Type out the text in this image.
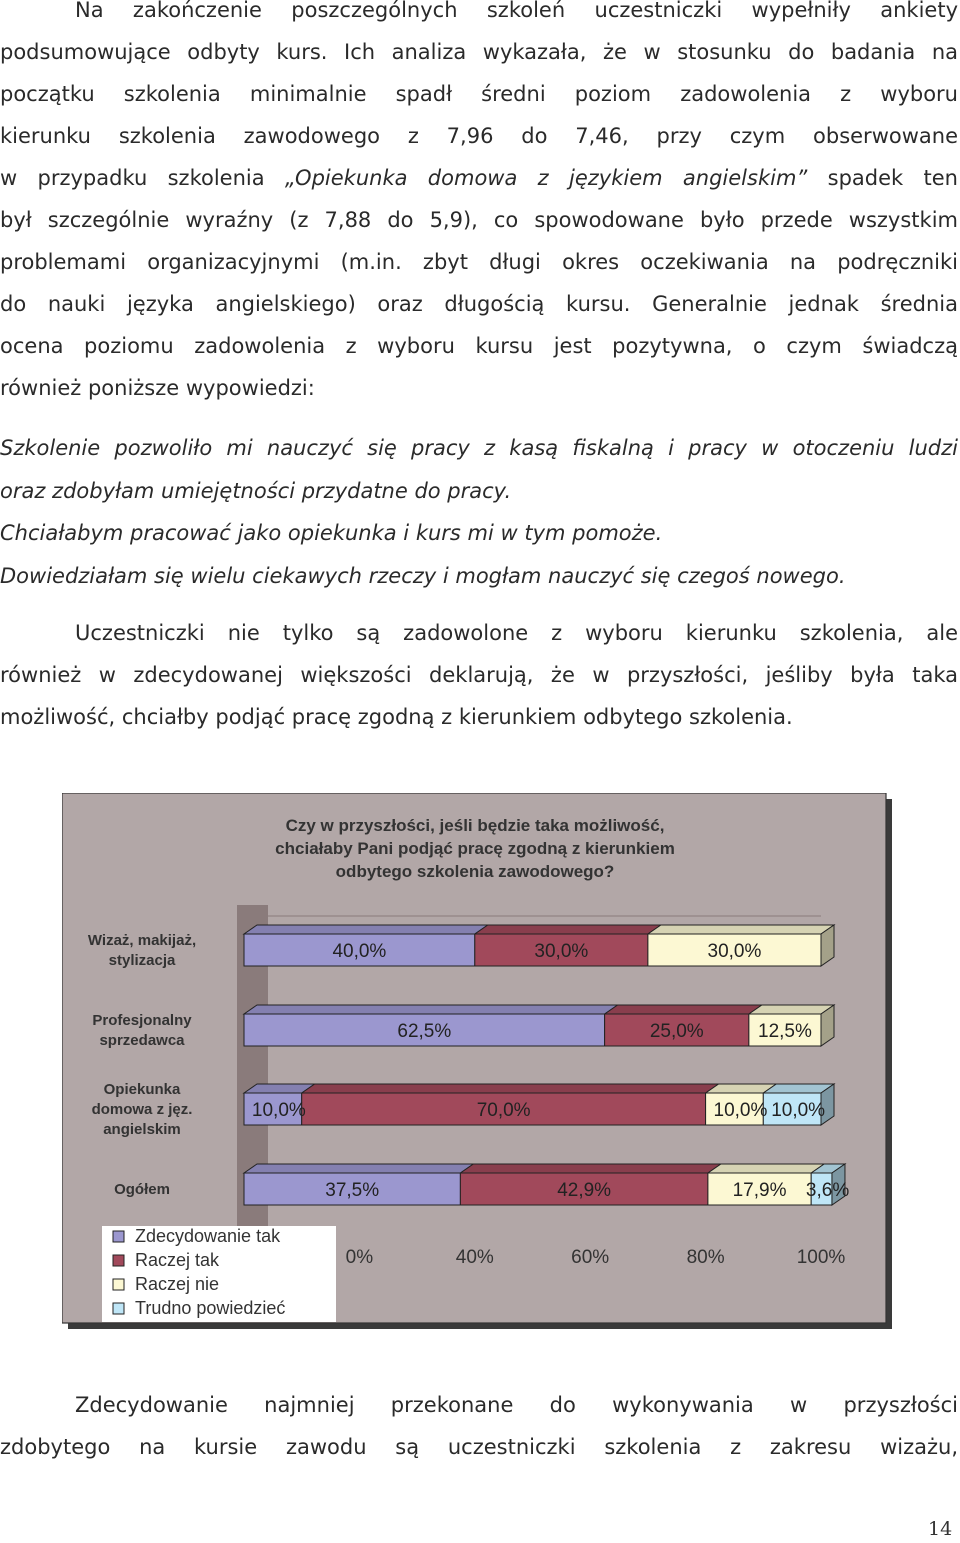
Na zakończenie poszczególnych szkoleń uczestniczki wypełniły ankiety
podsumowujące odbyty kurs. Ich analiza wykazała, że w stosunku do badania na
początku szkolenia minimalnie spadł średni poziom zadowolenia z wyboru
kierunku szkolenia zawodowego z 7,96 do 7,46, przy czym obserwowane
w przypadku szkolenia „Opiekunka domowa z językiem angielskim” spadek ten
był szczególnie wyraźny (z 7,88 do 5,9), co spowodowane było przede wszystkim
problemami organizacyjnymi (m.in. zbyt długi okres oczekiwania na podręczniki
do nauki języka angielskiego) oraz długością kursu. Generalnie jednak średnia
ocena poziomu zadowolenia z wyboru kursu jest pozytywna, o czym świadczą
również poniższe wypowiedzi:
Szkolenie pozwoliło mi nauczyć się pracy z kasą fiskalną i pracy w otoczeniu ludzi
oraz zdobyłam umiejętności przydatne do pracy.
Chciałabym pracować jako opiekunka i kurs mi w tym pomoże.
Dowiedziałam się wielu ciekawych rzeczy i mogłam nauczyć się czegoś nowego.
Uczestniczki nie tylko są zadowolone z wyboru kierunku szkolenia, ale
również w zdecydowanej większości deklarują, że w przyszłości, jeśliby była taka
możliwość, chciałby podjąć pracę zgodną z kierunkiem odbytego szkolenia.
Czy w przyszłości, jeśli będzie taka możliwość,
chciałaby Pani podjąć pracę zgodną z kierunkiem
odbytego szkolenia zawodowego?
40,0%	30,0%	30,0%
62,5%	25,0%	12,5%
10,0%	70,0%	10,0% 10,0%
37,5%	42,9%	17,9% 3,6%
Wizaż, makijaż,
stylizacja
Profesjonalny
sprzedawca
Opiekunka
domowa z jęz.
angielskim
Ogółem
0%	40%	60%	80%	100%
Zdecydowanie tak
Raczej tak
Raczej nie
Trudno powiedzieć
Zdecydowanie najmniej przekonane do wykonywania w przyszłości
zdobytego na kursie zawodu są uczestniczki szkolenia z zakresu wizażu,
14
